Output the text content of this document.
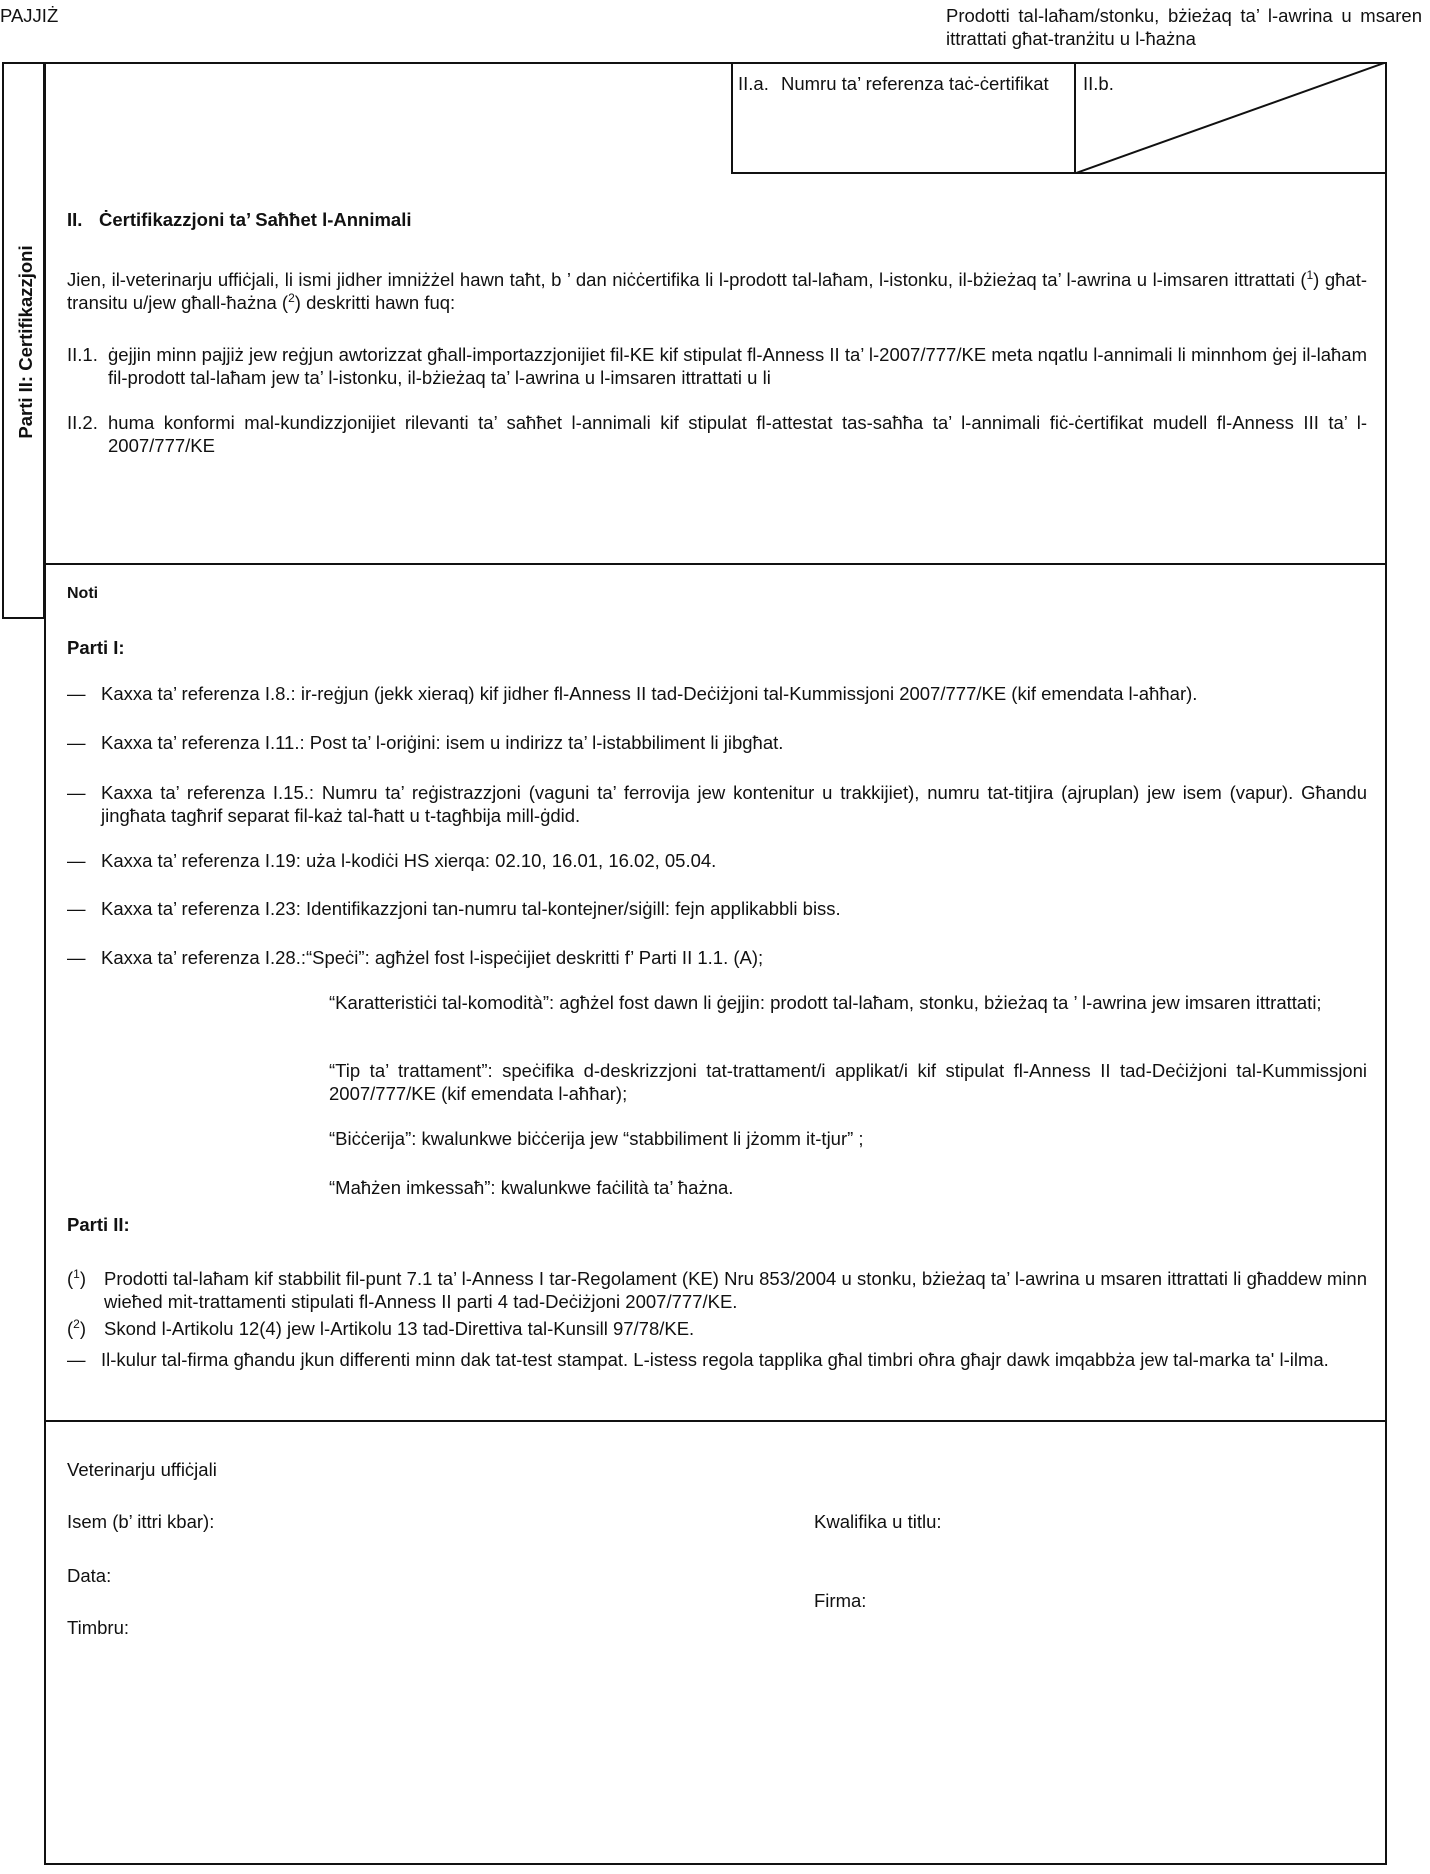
PAJJIŻ	Prodotti tal-laħam/stonku, bżieżaq ta’ l-awrina u msaren ittrattati għat-tranżitu u l-ħażna
Parti II: Certifikazzjoni
II.a. Numru ta’ referenza taċ-ċertifikat	II.b.
II. Ċertifikazzjoni ta’ Saħħet l-Annimali
Jien, il-veterinarju uffiċjali, li ismi jidher imniżżel hawn taħt, b ’ dan niċċertifika li l-prodott tal-laħam, l-istonku, il-bżieżaq ta’ l-awrina u l-imsaren ittrattati ($^1$) għat-transitu u/jew għall-ħażna ($^2$) deskritti hawn fuq:
II.1. ġejjin minn pajjiż jew reġjun awtorizzat għall-importazzjonijiet fil-KE kif stipulat fl-Anness II ta’ l-2007/777/KE meta nqatlu l-annimali li minnhom ġej il-laħam fil-prodott tal-laħam jew ta’ l-istonku, il-bżieżaq ta’ l-awrina u l-imsaren ittrattati u li
II.2. huma konformi mal-kundizzjonijiet rilevanti ta’ saħħet l-annimali kif stipulat fl-attestat tas-saħħa ta’ l-annimali fiċ-ċertifikat mudell fl-Anness III ta’ l-2007/777/KE
Noti
Parti I:
— Kaxxa ta’ referenza I.8.: ir-reġjun (jekk xieraq) kif jidher fl-Anness II tad-Deċiżjoni tal-Kummissjoni 2007/777/KE (kif emendata l-aħħar).
— Kaxxa ta’ referenza I.11.: Post ta’ l-oriġini: isem u indirizz ta’ l-istabbiliment li jibgħat.
— Kaxxa ta’ referenza I.15.: Numru ta’ reġistrazzjoni (vaguni ta’ ferrovija jew kontenitur u trakkijiet), numru tat-titjira (ajruplan) jew isem (vapur). Għandu jingħata tagħrif separat fil-każ tal-ħatt u t-tagħbija mill-ġdid.
— Kaxxa ta’ referenza I.19: uża l-kodiċi HS xierqa: 02.10, 16.01, 16.02, 05.04.
— Kaxxa ta’ referenza I.23: Identifikazzjoni tan-numru tal-kontejner/siġill: fejn applikabbli biss.
— Kaxxa ta’ referenza I.28.:“Speċi”: agħżel fost l-ispeċijiet deskritti f’ Parti II 1.1. (A);
“Karatteristiċi tal-komodità”: agħżel fost dawn li ġejjin: prodott tal-laħam, stonku, bżieżaq ta ’ l-awrina jew imsaren ittrattati;
“Tip ta’ trattament”: speċifika d-deskrizzjoni tat-trattament/i applikat/i kif stipulat fl-Anness II tad-Deċiżjoni tal-Kummissjoni 2007/777/KE (kif emendata l-aħħar);
“Biċċerija”: kwalunkwe biċċerija jew “stabbiliment li jżomm it-tjur” ;
“Maħżen imkessaħ”: kwalunkwe faċilità ta’ ħażna.
Parti II:
($^1$) Prodotti tal-laħam kif stabbilit fil-punt 7.1 ta’ l-Anness I tar-Regolament (KE) Nru 853/2004 u stonku, bżieżaq ta’ l-awrina u msaren ittrattati li għaddew minn wieħed mit-trattamenti stipulati fl-Anness II parti 4 tad-Deċiżjoni 2007/777/KE.
($^2$) Skond l-Artikolu 12(4) jew l-Artikolu 13 tad-Direttiva tal-Kunsill 97/78/KE.
— Il-kulur tal-firma għandu jkun differenti minn dak tat-test stampat. L-istess regola tapplika għal timbri oħra għajr dawk imqabbża jew tal-marka ta' l-ilma.
Veterinarju uffiċjali
Isem (b’ ittri kbar):	Kwalifika u titlu:
Data:
Firma:
Timbru:
